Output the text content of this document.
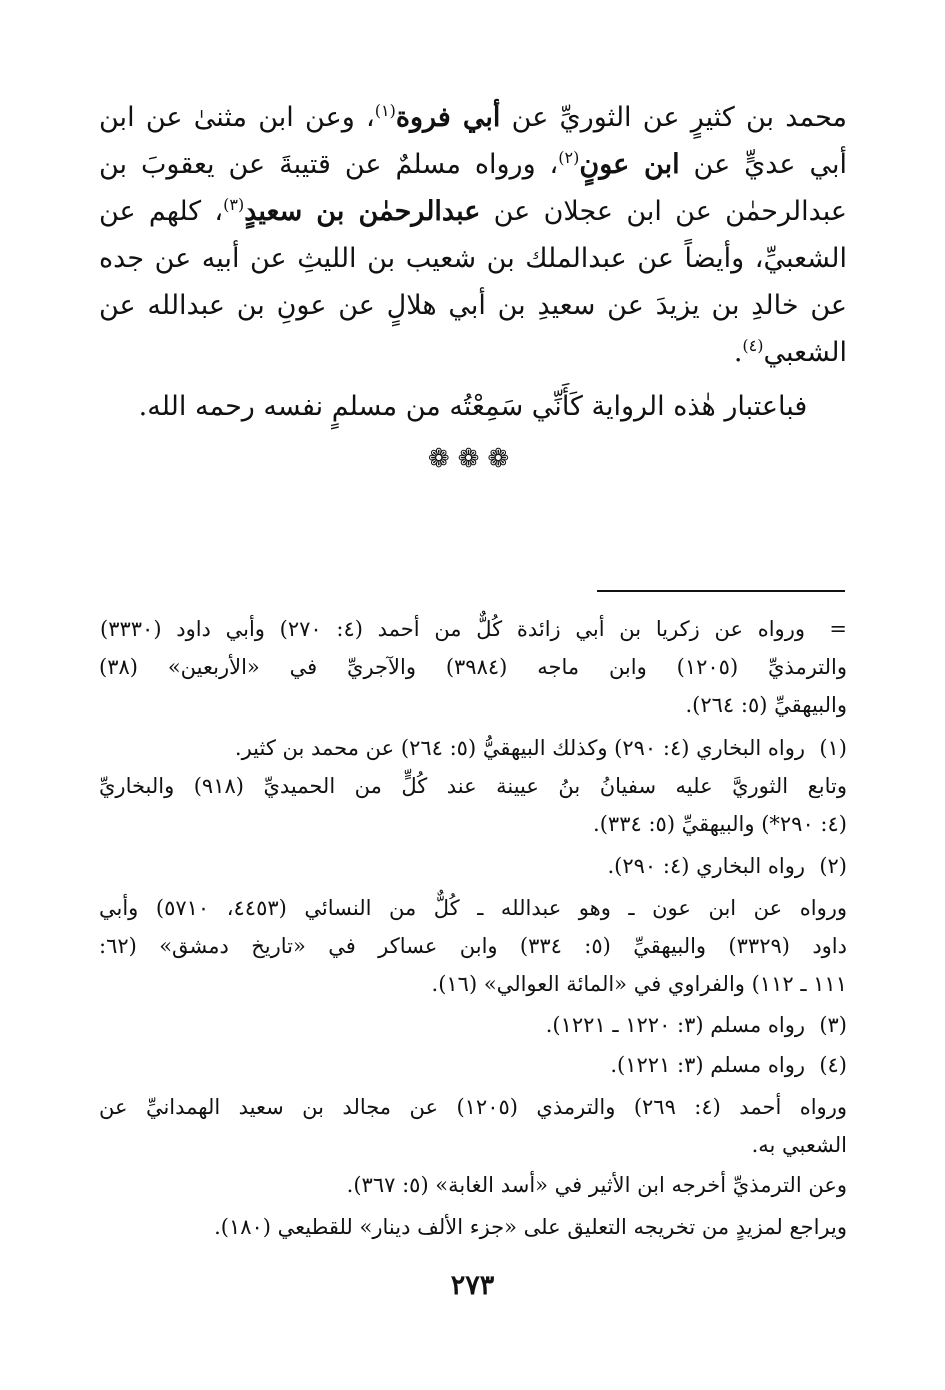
محمد بن كثيرٍ عن الثوريِّ عن أبي فروة$^{(١)}$، وعن ابن مثنىٰ عن ابن
أبي عديٍّ عن ابن عونٍ$^{(٢)}$، ورواه مسلمٌ عن قتيبةَ عن يعقوبَ بن
عبدالرحمٰن عن ابن عجلان عن عبدالرحمٰن بن سعيدٍ$^{(٣)}$، كلهم عن
الشعبيِّ، وأيضاً عن عبدالملك بن شعيب بن الليثِ عن أبيه عن جده
عن خالدِ بن يزيدَ عن سعيدِ بن أبي هلالٍ عن عونِ بن عبدالله عن
الشعبي$^{(٤)}$.
فباعتبار هٰذه الرواية كَأَنِّي سَمِعْتُه من مسلمٍ نفسه رحمه الله.
❁❁❁
=
ورواه عن زكريا بن أبي زائدة كُلٌّ من أحمد (٤: ٢٧٠) وأبي داود (٣٣٣٠)
والترمذيِّ (١٢٠٥) وابن ماجه (٣٩٨٤) والآجريِّ في «الأربعين» (٣٨)
والبيهقيِّ (٥: ٢٦٤).
(١)
رواه البخاري (٤: ٢٩٠) وكذلك البيهقيُّ (٥: ٢٦٤) عن محمد بن كثير.
وتابع الثوريَّ عليه سفيانُ بنُ عيينة عند كُلٍّ من الحميديِّ (٩١٨) والبخاريِّ
(٤: ٢٩٠*) والبيهقيِّ (٥: ٣٣٤).
(٢)
رواه البخاري (٤: ٢٩٠).
ورواه عن ابن عون ـ وهو عبدالله ـ كُلٌّ من النسائي (٤٤٥٣، ٥٧١٠) وأبي
داود (٣٣٢٩) والبيهقيِّ (٥: ٣٣٤) وابن عساكر في «تاريخ دمشق» (٦٢:
١١١ ـ ١١٢) والفراوي في «المائة العوالي» (١٦).
(٣)
رواه مسلم (٣: ١٢٢٠ ـ ١٢٢١).
(٤)
رواه مسلم (٣: ١٢٢١).
ورواه أحمد (٤: ٢٦٩) والترمذي (١٢٠٥) عن مجالد بن سعيد الهمدانيِّ عن
الشعبي به.
وعن الترمذيِّ أخرجه ابن الأثير في «أسد الغابة» (٥: ٣٦٧).
ويراجع لمزيدٍ من تخريجه التعليق على «جزء الألف دينار» للقطيعي (١٨٠).
٢٧٣
